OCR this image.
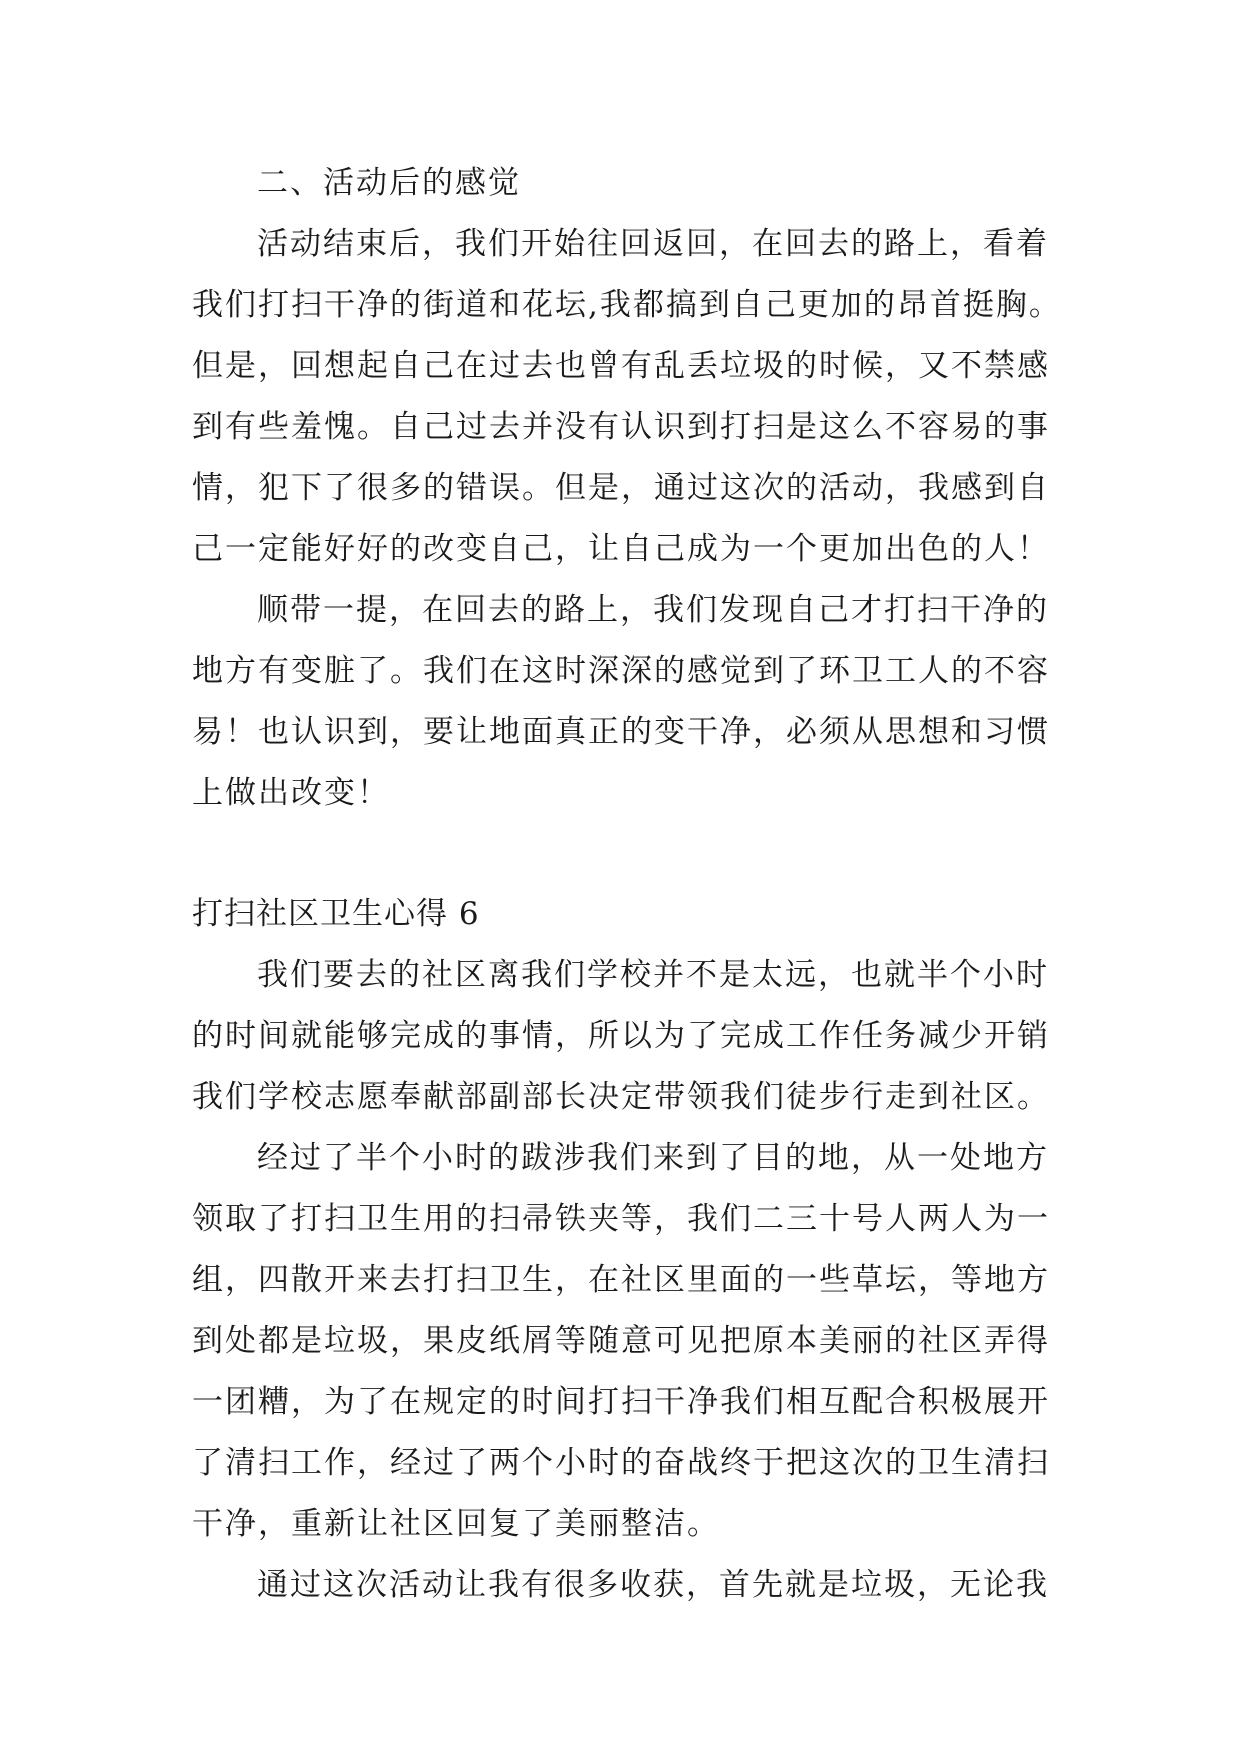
二、活动后的感觉
活动结束后，我们开始往回返回，在回去的路上，看着
我们打扫干净的街道和花坛,我都搞到自己更加的昂首挺胸。
但是，回想起自己在过去也曾有乱丢垃圾的时候，又不禁感
到有些羞愧。自己过去并没有认识到打扫是这么不容易的事
情，犯下了很多的错误。但是，通过这次的活动，我感到自
己一定能好好的改变自己，让自己成为一个更加出色的人！
顺带一提，在回去的路上，我们发现自己才打扫干净的
地方有变脏了。我们在这时深深的感觉到了环卫工人的不容
易！也认识到，要让地面真正的变干净，必须从思想和习惯
上做出改变！
打扫社区卫生心得 6
我们要去的社区离我们学校并不是太远，也就半个小时
的时间就能够完成的事情，所以为了完成工作任务减少开销
我们学校志愿奉献部副部长决定带领我们徒步行走到社区。
经过了半个小时的跋涉我们来到了目的地，从一处地方
领取了打扫卫生用的扫帚铁夹等，我们二三十号人两人为一
组，四散开来去打扫卫生，在社区里面的一些草坛，等地方
到处都是垃圾，果皮纸屑等随意可见把原本美丽的社区弄得
一团糟，为了在规定的时间打扫干净我们相互配合积极展开
了清扫工作，经过了两个小时的奋战终于把这次的卫生清扫
干净，重新让社区回复了美丽整洁。
通过这次活动让我有很多收获，首先就是垃圾，无论我
